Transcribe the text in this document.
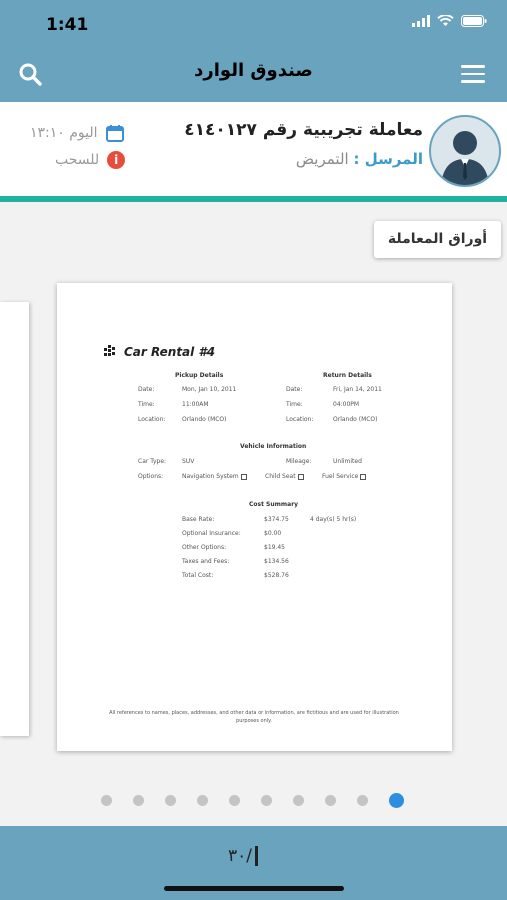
1:41
صندوق الوارد
معاملة تجريبية رقم ٤١٤٠١٢٧
المرسل : التمريض
اليوم ١٣:١٠
i
للسحب
أوراق المعاملة
Car Rental #4
Pickup Details	Return Details
Date:	Mon, Jan 10, 2011	Date:	Fri, Jan 14, 2011
Time:	11:00AM	Time:	04:00PM
Location:	Orlando (MCO)	Location:	Orlando (MCO)
Vehicle Information
Car Type:	SUV	Mileage:	Unlimited
Options:	Navigation System	Child Seat	Fuel Service
Cost Summary
Base Rate:	$374.75	4 day(s) 5 hr(s)
Optional Insurance:	$0.00
Other Options:	$19.45
Taxes and Fees:	$134.56
Total Cost:	$528.76
All references to names, places, addresses, and other data or information, are fictitious and are used for illustration purposes only.
٣٠/
